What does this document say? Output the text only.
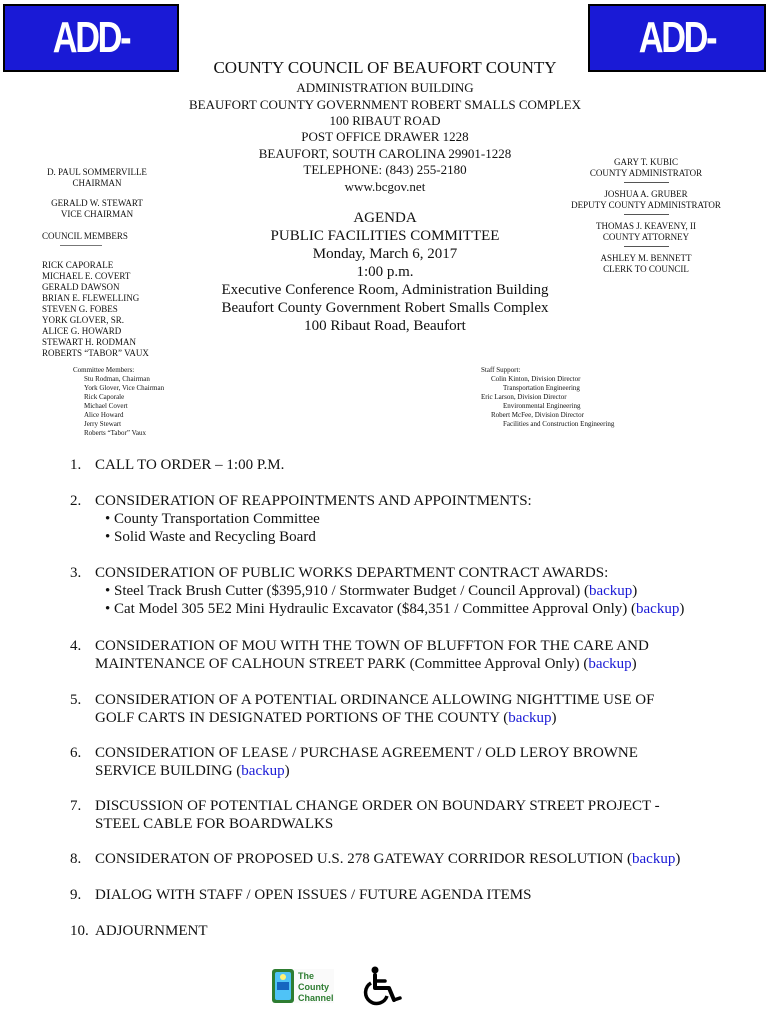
ADD-ONS
ADD-ONS
COUNTY COUNCIL OF BEAUFORT COUNTY
ADMINISTRATION BUILDING
BEAUFORT COUNTY GOVERNMENT ROBERT SMALLS COMPLEX
100 RIBAUT ROAD
POST OFFICE DRAWER 1228
BEAUFORT, SOUTH CAROLINA 29901-1228
TELEPHONE: (843) 255-2180
www.bcgov.net
D. PAUL SOMMERVILLE
CHAIRMAN
GERALD W. STEWART
VICE CHAIRMAN
COUNCIL MEMBERS
RICK CAPORALE
MICHAEL E. COVERT
GERALD DAWSON
BRIAN E. FLEWELLING
STEVEN G. FOBES
YORK GLOVER, SR.
ALICE G. HOWARD
STEWART H. RODMAN
ROBERTS “TABOR” VAUX
GARY T. KUBIC
COUNTY ADMINISTRATOR
JOSHUA A. GRUBER
DEPUTY COUNTY ADMINISTRATOR
THOMAS J. KEAVENY, II
COUNTY ATTORNEY
ASHLEY M. BENNETT
CLERK TO COUNCIL
AGENDA
PUBLIC FACILITIES COMMITTEE
Monday, March 6, 2017
1:00 p.m.
Executive Conference Room, Administration Building
Beaufort County Government Robert Smalls Complex
100 Ribaut Road, Beaufort
Committee Members:
Stu Rodman, Chairman
York Glover, Vice Chairman
Rick Caporale
Michael Covert
Alice Howard
Jerry Stewart
Roberts “Tabor” Vaux
Staff Support:
Colin Kinton, Division Director
Transportation Engineering
Eric Larson, Division Director
Environmental Engineering
Robert McFee, Division Director
Facilities and Construction Engineering
1. CALL TO ORDER – 1:00 P.M.
2. CONSIDERATION OF REAPPOINTMENTS AND APPOINTMENTS:
• County Transportation Committee
• Solid Waste and Recycling Board
3. CONSIDERATION OF PUBLIC WORKS DEPARTMENT CONTRACT AWARDS:
• Steel Track Brush Cutter ($395,910 / Stormwater Budget / Council Approval) (backup)
• Cat Model 305 5E2 Mini Hydraulic Excavator ($84,351 / Committee Approval Only) (backup)
4. CONSIDERATION OF MOU WITH THE TOWN OF BLUFFTON FOR THE CARE AND
MAINTENANCE OF CALHOUN STREET PARK (Committee Approval Only) (backup)
5. CONSIDERATION OF A POTENTIAL ORDINANCE ALLOWING NIGHTTIME USE OF
GOLF CARTS IN DESIGNATED PORTIONS OF THE COUNTY (backup)
6. CONSIDERATION OF LEASE / PURCHASE AGREEMENT / OLD LEROY BROWNE
SERVICE BUILDING (backup)
7. DISCUSSION OF POTENTIAL CHANGE ORDER ON BOUNDARY STREET PROJECT -
STEEL CABLE FOR BOARDWALKS
8. CONSIDERATON OF PROPOSED U.S. 278 GATEWAY CORRIDOR RESOLUTION (backup)
9. DIALOG WITH STAFF / OPEN ISSUES / FUTURE AGENDA ITEMS
10. ADJOURNMENT
The
County
Channel
